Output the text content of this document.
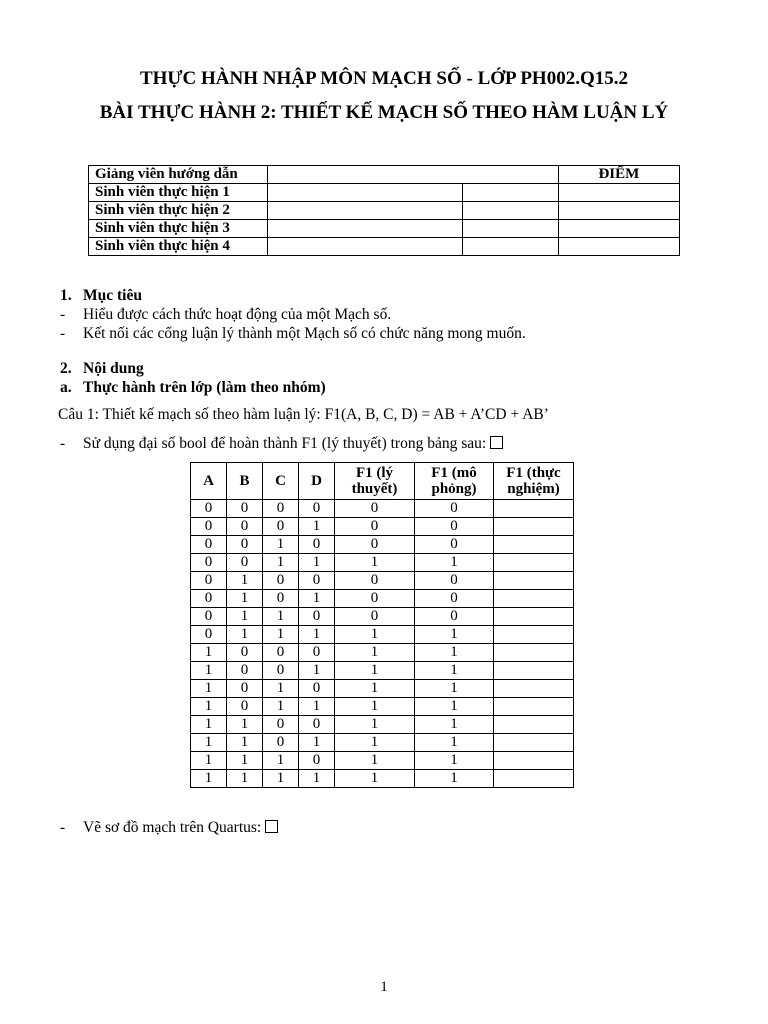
THỰC HÀNH NHẬP MÔN MẠCH SỐ - LỚP PH002.Q15.2
BÀI THỰC HÀNH 2: THIẾT KẾ MẠCH SỐ THEO HÀM LUẬN LÝ
Giảng viên hướng dẫn			ĐIỂM
Sinh viên thực hiện 1			
Sinh viên thực hiện 2			
Sinh viên thực hiện 3			
Sinh viên thực hiện 4			
1. Mục tiêu
- Hiểu được cách thức hoạt động của một Mạch số.
- Kết nối các cổng luận lý thành một Mạch số có chức năng mong muốn.
2. Nội dung
a. Thực hành trên lớp (làm theo nhóm)
Câu 1: Thiết kế mạch số theo hàm luận lý: F1(A, B, C, D) = AB + A’CD + AB’
- Sử dụng đại số bool để hoàn thành F1 (lý thuyết) trong bảng sau:
A	B	C	D	F1 (lý thuyết)	F1 (mô phỏng)	F1 (thực nghiệm)
0	0	0	0	0	0	
0	0	0	1	0	0	
0	0	1	0	0	0	
0	0	1	1	1	1	
0	1	0	0	0	0	
0	1	0	1	0	0	
0	1	1	0	0	0	
0	1	1	1	1	1	
1	0	0	0	1	1	
1	0	0	1	1	1	
1	0	1	0	1	1	
1	0	1	1	1	1	
1	1	0	0	1	1	
1	1	0	1	1	1	
1	1	1	0	1	1	
1	1	1	1	1	1	
- Vẽ sơ đồ mạch trên Quartus:
1
